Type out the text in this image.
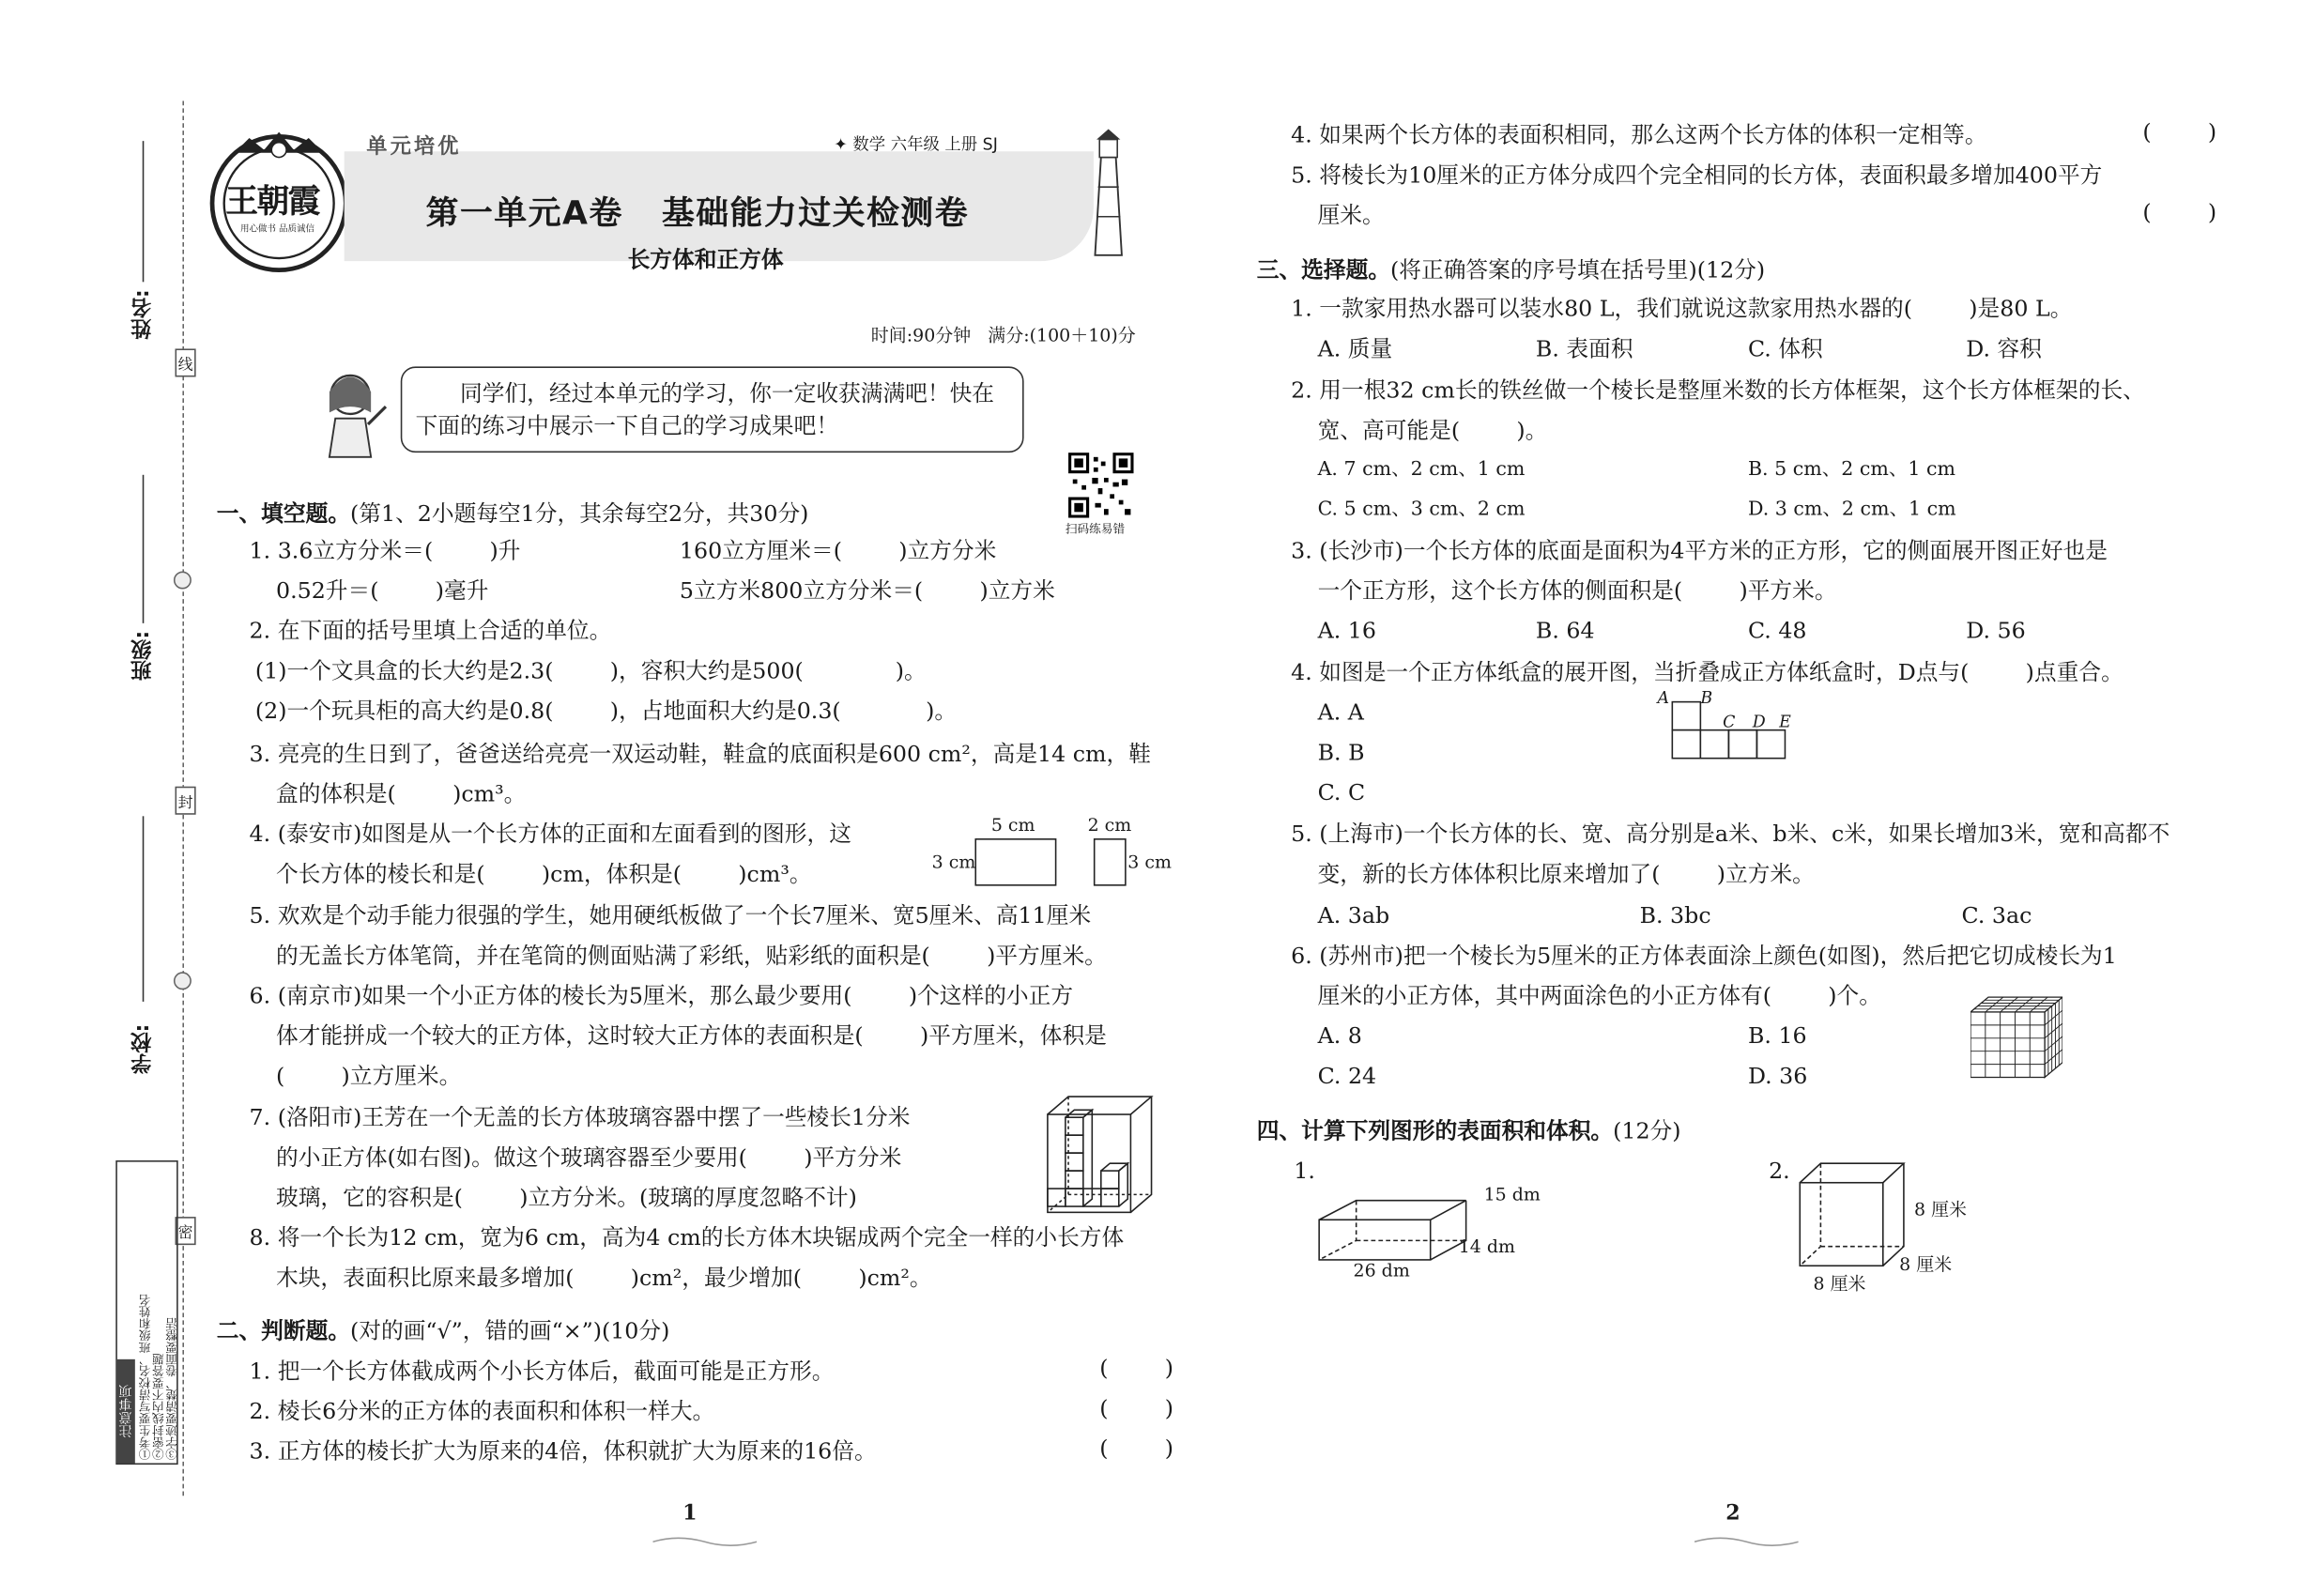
线
封
密
姓名:
班级:
学校:
注意事项 ①考生要写清校名、班级和姓名 ②密封线内不要答题 ③字迹要清楚、卷面要整洁
王朝霞
用心做书 品质诚信
单元培优	✦ 数学 六年级 上册 SJ
第一单元A卷   基础能力过关检测卷
长方体和正方体
时间:90分钟   满分:(100＋10)分
同学们，经过本单元的学习，你一定收获满满吧！快在
下面的练习中展示一下自己的学习成果吧！
扫码练易错
一、填空题。(第1、2小题每空1分，其余每空2分，共30分)
1. 3.6立方分米＝(        )升	160立方厘米＝(        )立方分米
0.52升＝(        )毫升	5立方米800立方分米＝(        )立方米
2. 在下面的括号里填上合适的单位。
(1)一个文具盒的长大约是2.3(        )，容积大约是500(             )。
(2)一个玩具柜的高大约是0.8(        )，占地面积大约是0.3(            )。
3. 亮亮的生日到了，爸爸送给亮亮一双运动鞋，鞋盒的底面积是600 cm²，高是14 cm，鞋
盒的体积是(        )cm³。
4. (泰安市)如图是从一个长方体的正面和左面看到的图形，这
个长方体的棱长和是(        )cm，体积是(        )cm³。
5 cm
3 cm
2 cm
3 cm
5. 欢欢是个动手能力很强的学生，她用硬纸板做了一个长7厘米、宽5厘米、高11厘米
的无盖长方体笔筒，并在笔筒的侧面贴满了彩纸，贴彩纸的面积是(        )平方厘米。
6. (南京市)如果一个小正方体的棱长为5厘米，那么最少要用(        )个这样的小正方
体才能拼成一个较大的正方体，这时较大正方体的表面积是(        )平方厘米，体积是
(        )立方厘米。
7. (洛阳市)王芳在一个无盖的长方体玻璃容器中摆了一些棱长1分米
的小正方体(如右图)。做这个玻璃容器至少要用(        )平方分米
玻璃，它的容积是(        )立方分米。(玻璃的厚度忽略不计)
8. 将一个长为12 cm，宽为6 cm，高为4 cm的长方体木块锯成两个完全一样的小长方体
木块，表面积比原来最多增加(        )cm²，最少增加(        )cm²。
二、判断题。(对的画“√”，错的画“×”)(10分)
1. 把一个长方体截成两个小长方体后，截面可能是正方形。	(        )
2. 棱长6分米的正方体的表面积和体积一样大。	(        )
3. 正方体的棱长扩大为原来的4倍，体积就扩大为原来的16倍。	(        )
1
4. 如果两个长方体的表面积相同，那么这两个长方体的体积一定相等。	(        )
5. 将棱长为10厘米的正方体分成四个完全相同的长方体，表面积最多增加400平方
厘米。	(        )
三、选择题。(将正确答案的序号填在括号里)(12分)
1. 一款家用热水器可以装水80 L，我们就说这款家用热水器的(        )是80 L。
A. 质量	B. 表面积	C. 体积	D. 容积
2. 用一根32 cm长的铁丝做一个棱长是整厘米数的长方体框架，这个长方体框架的长、
宽、高可能是(        )。
A. 7 cm、2 cm、1 cm	B. 5 cm、2 cm、1 cm
C. 5 cm、3 cm、2 cm	D. 3 cm、2 cm、1 cm
3. (长沙市)一个长方体的底面是面积为4平方米的正方形，它的侧面展开图正好也是
一个正方形，这个长方体的侧面积是(        )平方米。
A. 16	B. 64	C. 48	D. 56
4. 如图是一个正方体纸盒的展开图，当折叠成正方体纸盒时，D点与(        )点重合。
A. A
B. B
C. C
A	B
C D E
5. (上海市)一个长方体的长、宽、高分别是a米、b米、c米，如果长增加3米，宽和高都不
变，新的长方体体积比原来增加了(        )立方米。
A. 3ab	B. 3bc	C. 3ac
6. (苏州市)把一个棱长为5厘米的正方体表面涂上颜色(如图)，然后把它切成棱长为1
厘米的小正方体，其中两面涂色的小正方体有(        )个。
A. 8	B. 16
C. 24	D. 36
四、计算下列图形的表面积和体积。(12分)
1.
15 dm
14 dm
26 dm
2.
8 厘米
8 厘米
8 厘米
2
